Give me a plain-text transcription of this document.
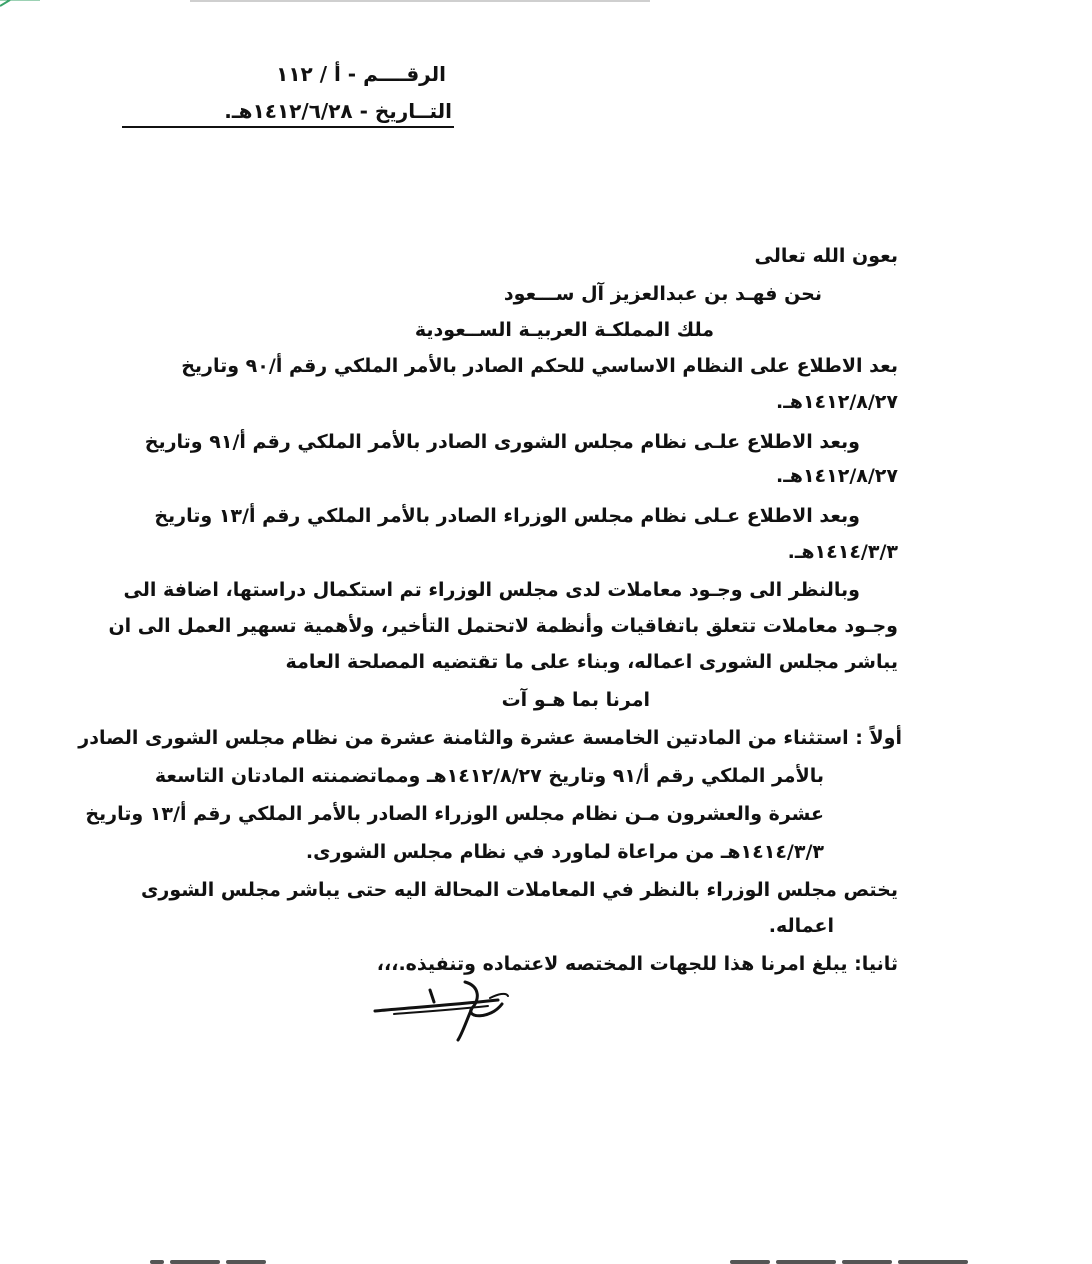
الرقــــم - أ / ١١٢
التــاريخ - ١٤١٢/٦/٢٨هـ.
بعون الله تعالى
نحن فهـد بن عبدالعزيز آل ســـعود
ملك المملكـة العربيـة الســعودية
بعد الاطلاع على النظام الاساسي للحكم الصادر بالأمر الملكي رقم أ/٩٠ وتاريخ
١٤١٢/٨/٢٧هـ.
وبعد الاطلاع علـى نظام مجلس الشورى الصادر بالأمر الملكي رقم أ/٩١ وتاريخ
١٤١٢/٨/٢٧هـ.
وبعد الاطلاع عـلى نظام مجلس الوزراء الصادر بالأمر الملكي رقم أ/١٣ وتاريخ
١٤١٤/٣/٣هـ.
وبالنظر الى وجـود معاملات لدى مجلس الوزراء تم استكمال دراستها، اضافة الى
وجـود معاملات تتعلق باتفاقيات وأنظمة لاتحتمل التأخير، ولأهمية تسهير العمل الى ان
يباشر مجلس الشورى اعماله، وبناء على ما تقتضيه المصلحة العامة
امرنا بما هـو آت
أولاً : استثناء من المادتين الخامسة عشرة والثامنة عشرة من نظام مجلس الشورى الصادر
بالأمر الملكي رقم أ/٩١ وتاريخ ١٤١٢/٨/٢٧هـ ومماتضمنته المادتان التاسعة
عشرة والعشرون مـن نظام مجلس الوزراء الصادر بالأمر الملكي رقم أ/١٣ وتاريخ
١٤١٤/٣/٣هـ من مراعاة لماورد في نظام مجلس الشورى.
يختص مجلس الوزراء بالنظر في المعاملات المحالة اليه حتى يباشر مجلس الشورى
اعماله.
ثانيا: يبلغ امرنا هذا للجهات المختصه لاعتماده وتنفيذه.،،،
